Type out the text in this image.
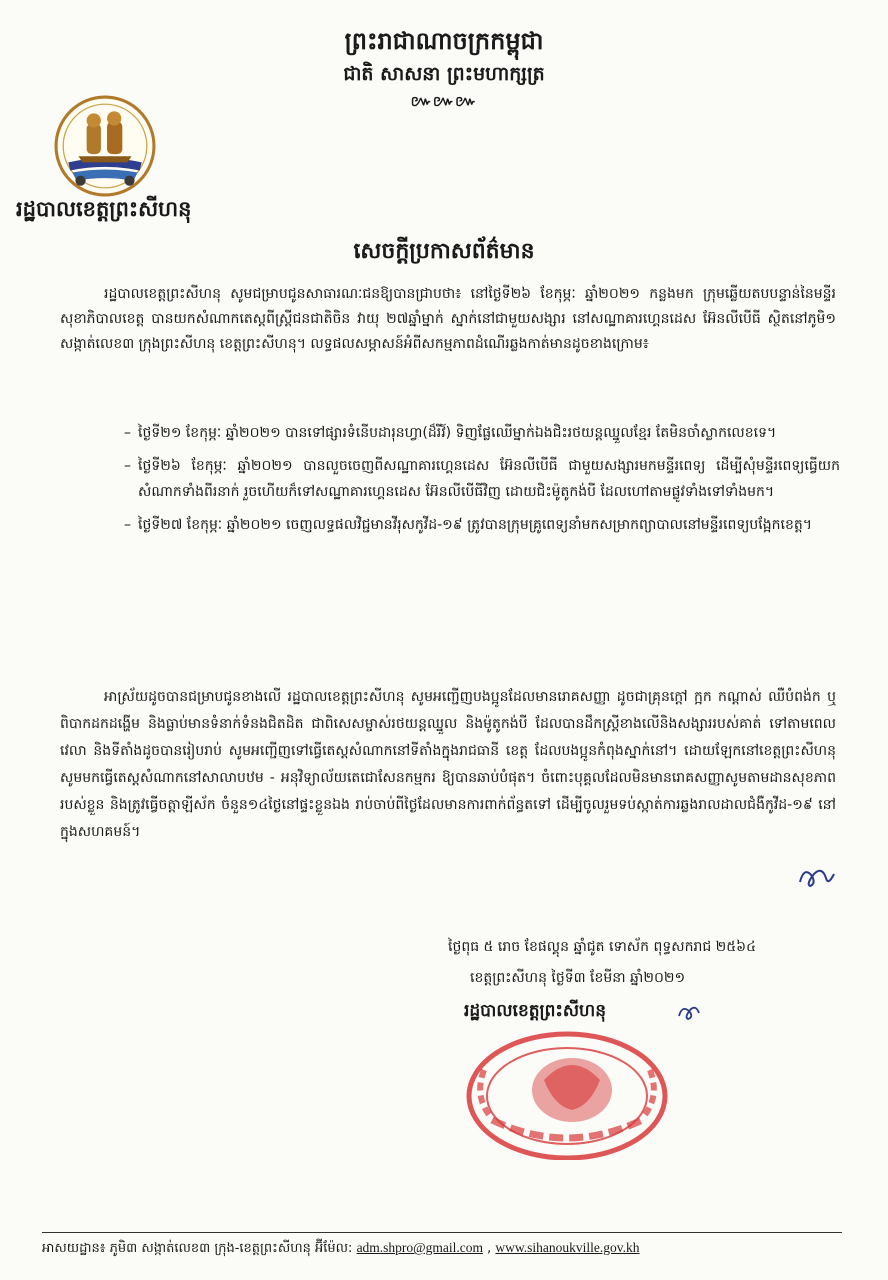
ព្រះរាជាណាចក្រកម្ពុជា
ជាតិ សាសនា ព្រះមហាក្សត្រ
៚៚៚
រដ្ឋបាលខេត្តព្រះសីហនុ
សេចក្តីប្រកាសព័ត៌មាន

រដ្ឋបាលខេត្តព្រះសីហនុ សូមជម្រាបជូនសាធារណៈជនឱ្យបានជ្រាបថា៖ នៅថ្ងៃទី២៦ ខែកុម្ភៈ ឆ្នាំ២០២១ កន្លងមក ក្រុមឆ្លើយតបបន្ទាន់នៃមន្ទីរសុខាភិបាលខេត្ត បានយកសំណាកតេស្តពីស្ត្រីជនជាតិចិន វាយុ ២៧ឆ្នាំម្នាក់ ស្នាក់នៅជាមួយសង្សារ នៅសណ្ឋាគារហ្គេនដេស អ៊ែនលីបើធី ស្ថិតនៅភូមិ១ សង្កាត់លេខ៣ ក្រុងព្រះសីហនុ ខេត្តព្រះសីហនុ។ លទ្ធផលសម្ភាសន៍អំពីសកម្មភាពដំណើរឆ្លងកាត់មានដូចខាងក្រោម៖

– ថ្ងៃទី២១ ខែកុម្ភៈ ឆ្នាំ២០២១ បានទៅផ្សារទំនើបដារុនហ្វា(ដ៏រីវ៍) ទិញផ្លែឈើម្នាក់ឯងជិះរថយន្តឈ្នួលខ្មែរ តែមិនចាំស្លាកលេខទេ។
– ថ្ងៃទី២៦ ខែកុម្ភៈ ឆ្នាំ២០២១ បានលួចចេញពីសណ្ឋាគារហ្គេនដេស អ៊ែនលីបើធី ជាមួយសង្សារមកមន្ទីរពេទ្យ ដើម្បីសុំមន្ទីរពេទ្យធ្វើយកសំណាកទាំងពីរនាក់ រួចហើយក៏ទៅសណ្ឋាគារហ្គេនដេស អ៊ែនលីបើធីវិញ ដោយជិះម៉ូតូកង់បី ដែលហៅតាមផ្លូវទាំងទៅទាំងមក។
– ថ្ងៃទី២៧ ខែកុម្ភៈ ឆ្នាំ២០២១ ចេញលទ្ធផលវិជ្ជមានវីរុសកូវីដ-១៩ ត្រូវបានក្រុមគ្រូពេទ្យនាំមកសម្រាកព្យាបាលនៅមន្ទីរពេទ្យបង្អែកខេត្ត។

អាស្រ័យដូចបានជម្រាបជូនខាងលើ រដ្ឋបាលខេត្តព្រះសីហនុ សូមអញ្ជើញបងប្អូនដែលមានរោគសញ្ញា ដូចជាគ្រុនក្តៅ ក្អក កណ្តាស់ ឈឺបំពង់ក ឬពិបាកដកដង្ហើម និងធ្លាប់មានទំនាក់ទំនងជិតដិត ជាពិសេសម្ចាស់រថយន្តឈ្នួល និងម៉ូតូកង់បី ដែលបានដឹកស្ត្រីខាងលើនិងសង្សាររបស់គាត់ ទៅតាមពេលវេលា និងទីតាំងដូចបានរៀបរាប់ សូមអញ្ជើញទៅធ្វើតេស្តសំណាកនៅទីតាំងក្នុងរាជធានី ខេត្ត ដែលបងប្អូនកំពុងស្នាក់នៅ។ ដោយឡែកនៅខេត្តព្រះសីហនុ សូមមកធ្វើតេស្តសំណាកនៅសាលាបឋម - អនុវិទ្យាល័យតេជោសែនកម្មករ ឱ្យបានឆាប់បំផុត។ ចំពោះបុគ្គលដែលមិនមានរោគសញ្ញាសូមតាមដានសុខភាពរបស់ខ្លួន និងត្រូវធ្វើចត្តាឡីស័ក ចំនួន១៤ថ្ងៃនៅផ្ទះខ្លួនឯង រាប់ចាប់ពីថ្ងៃដែលមានការពាក់ព័ន្ធតទៅ ដើម្បីចូលរួមទប់ស្កាត់ការឆ្លងរាលដាលជំងឺកូវីដ-១៩ នៅក្នុងសហគមន៍។

ថ្ងៃពុធ ៥ រោច ខែផល្គុន ឆ្នាំជូត ទោស័ក ពុទ្ធសករាជ ២៥៦៤
ខេត្តព្រះសីហនុ ថ្ងៃទី៣ ខែមីនា ឆ្នាំ២០២១
រដ្ឋបាលខេត្តព្រះសីហនុ
អាសយដ្ឋាន៖ ភូមិ៣ សង្កាត់លេខ៣ ក្រុង-ខេត្តព្រះសីហនុ អ៊ីម៉ែល: adm.shpro@gmail.com , www.sihanoukville.gov.kh
